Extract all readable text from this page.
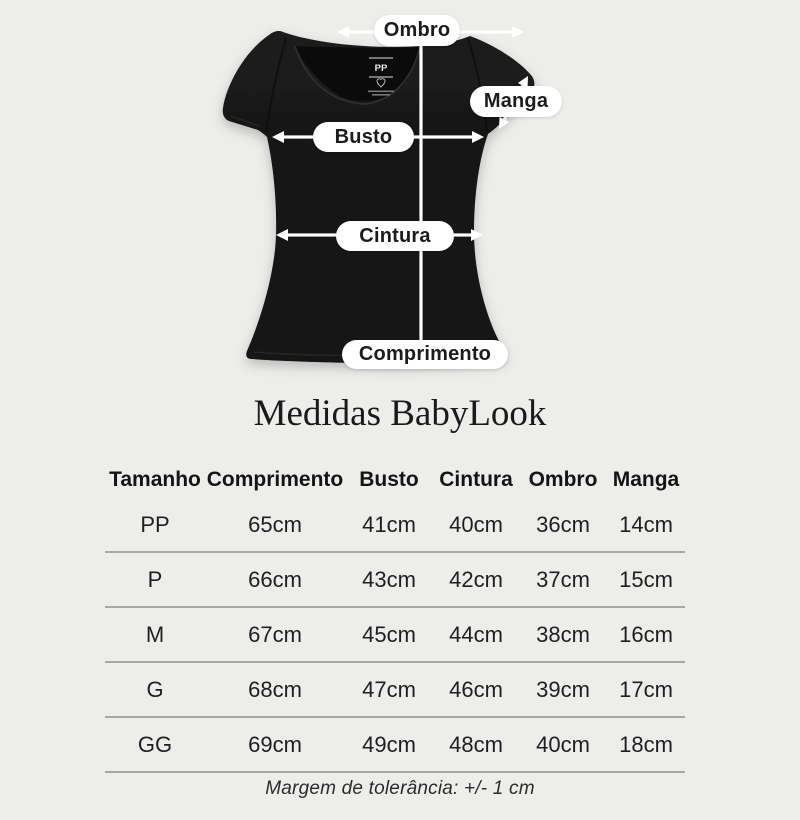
PP
Ombro
Manga
Busto
Cintura
Comprimento
Medidas BabyLook
Tamanho Comprimento Busto Cintura Ombro Manga
PP	65cm	41cm	40cm	36cm	14cm
P	66cm	43cm	42cm	37cm	15cm
M	67cm	45cm	44cm	38cm	16cm
G	68cm	47cm	46cm	39cm	17cm
GG	69cm	49cm	48cm	40cm	18cm
Margem de tolerância: +/- 1 cm
